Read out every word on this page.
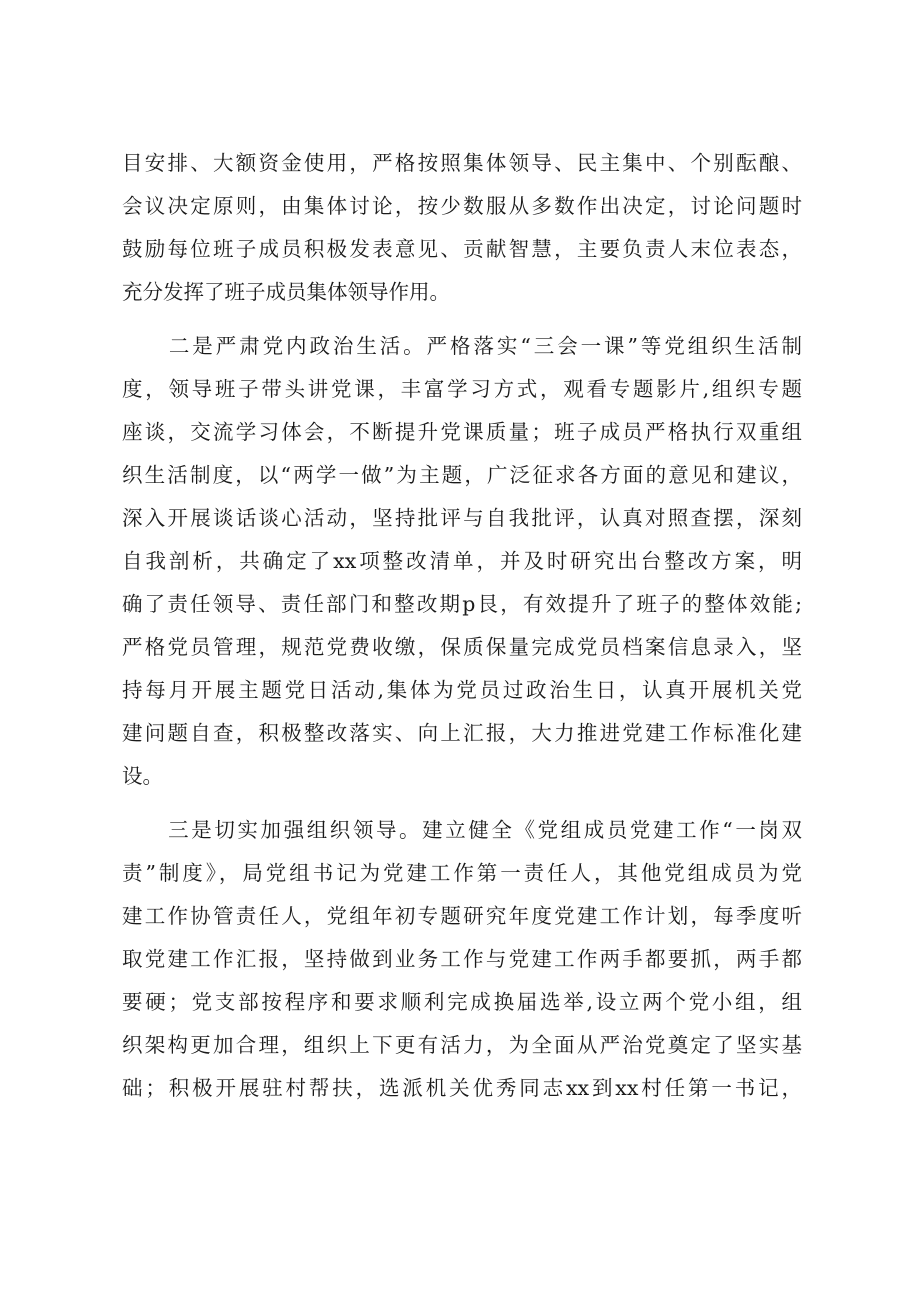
目安排、大额资金使用，严格按照集体领导、民主集中、个别酝酿、
会议决定原则，由集体讨论，按少数服从多数作出决定，讨论问题时
鼓励每位班子成员积极发表意见、贡献智慧，主要负责人末位表态，
充分发挥了班子成员集体领导作用。
　　二是严肃党内政治生活。严格落实“三会一课”等党组织生活制
度，领导班子带头讲党课，丰富学习方式，观看专题影片,组织专题
座谈，交流学习体会，不断提升党课质量；班子成员严格执行双重组
织生活制度，以“两学一做”为主题，广泛征求各方面的意见和建议，
深入开展谈话谈心活动，坚持批评与自我批评，认真对照查摆，深刻
自我剖析，共确定了xx项整改清单，并及时研究出台整改方案，明
确了责任领导、责任部门和整改期p艮，有效提升了班子的整体效能;
严格党员管理，规范党费收缴，保质保量完成党员档案信息录入，坚
持每月开展主题党日活动,集体为党员过政治生日，认真开展机关党
建问题自查，积极整改落实、向上汇报，大力推进党建工作标准化建
设。
　　三是切实加强组织领导。建立健全《党组成员党建工作“一岗双
责”制度》，局党组书记为党建工作第一责任人，其他党组成员为党
建工作协管责任人，党组年初专题研究年度党建工作计划，每季度听
取党建工作汇报，坚持做到业务工作与党建工作两手都要抓，两手都
要硬；党支部按程序和要求顺利完成换届选举,设立两个党小组，组
织架构更加合理，组织上下更有活力，为全面从严治党奠定了坚实基
础；积极开展驻村帮扶，选派机关优秀同志xx到xx村任第一书记，
